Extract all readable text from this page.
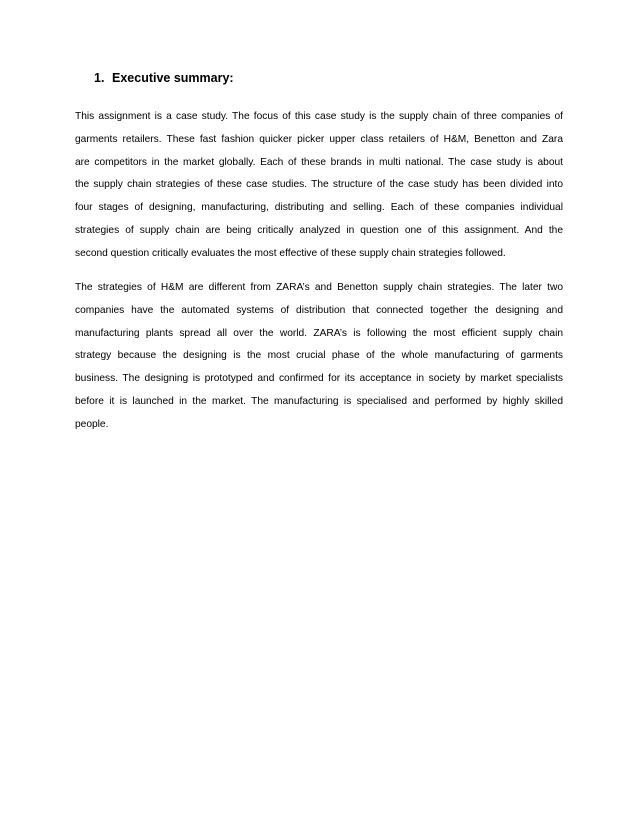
1. Executive summary:
This assignment is a case study. The focus of this case study is the supply chain of three companies of
garments retailers. These fast fashion quicker picker upper class retailers of H&M, Benetton and Zara
are competitors in the market globally. Each of these brands in multi national. The case study is about
the supply chain strategies of these case studies. The structure of the case study has been divided into
four stages of designing, manufacturing, distributing and selling. Each of these companies individual
strategies of supply chain are being critically analyzed in question one of this assignment. And the
second question critically evaluates the most effective of these supply chain strategies followed.
The strategies of H&M are different from ZARA’s and Benetton supply chain strategies. The later two
companies have the automated systems of distribution that connected together the designing and
manufacturing plants spread all over the world. ZARA’s is following the most efficient supply chain
strategy because the designing is the most crucial phase of the whole manufacturing of garments
business. The designing is prototyped and confirmed for its acceptance in society by market specialists
before it is launched in the market. The manufacturing is specialised and performed by highly skilled
people.
